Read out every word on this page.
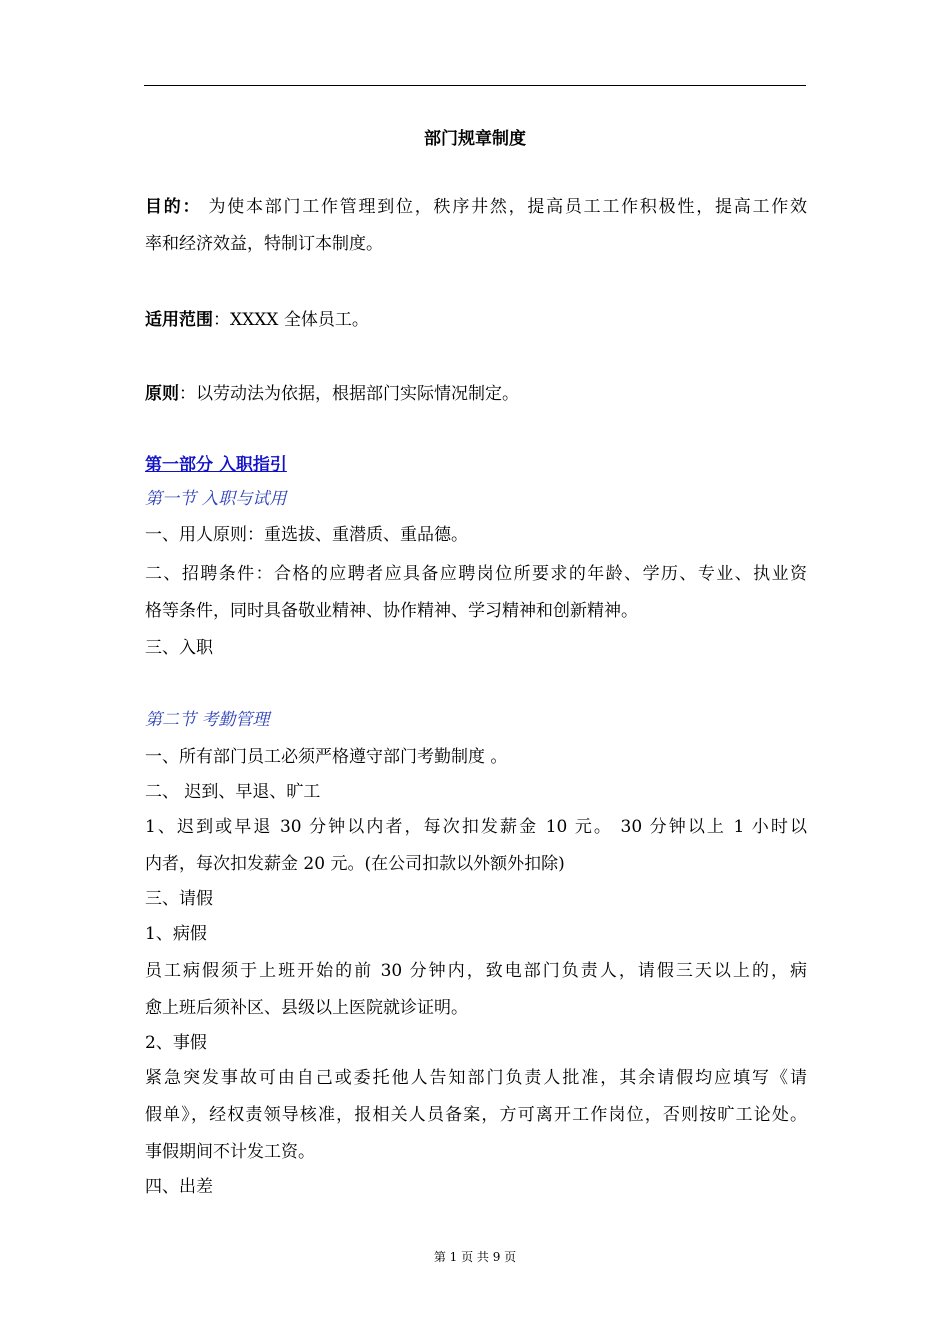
部门规章制度
目的： 为使本部门工作管理到位，秩序井然，提高员工工作积极性，提高工作效
率和经济效益，特制订本制度。
适用范围：XXXX 全体员工。
原则：以劳动法为依据，根据部门实际情况制定。
第一部分 入职指引
第一节 入职与试用
一、用人原则：重选拔、重潜质、重品德。
二、招聘条件：合格的应聘者应具备应聘岗位所要求的年龄、学历、专业、执业资
格等条件，同时具备敬业精神、协作精神、学习精神和创新精神。
三、入职
第二节 考勤管理
一、所有部门员工必须严格遵守部门考勤制度 。
二、 迟到、早退、旷工
1、迟到或早退 30 分钟以内者，每次扣发薪金 10 元。 30 分钟以上 1 小时以
内者，每次扣发薪金 20 元。(在公司扣款以外额外扣除)
三、请假
1、病假
员工病假须于上班开始的前 30 分钟内，致电部门负责人，请假三天以上的，病
愈上班后须补区、县级以上医院就诊证明。
2、事假
紧急突发事故可由自己或委托他人告知部门负责人批准，其余请假均应填写《请
假单》，经权责领导核准，报相关人员备案，方可离开工作岗位，否则按旷工论处。
事假期间不计发工资。
四、出差
第 1 页 共 9 页
